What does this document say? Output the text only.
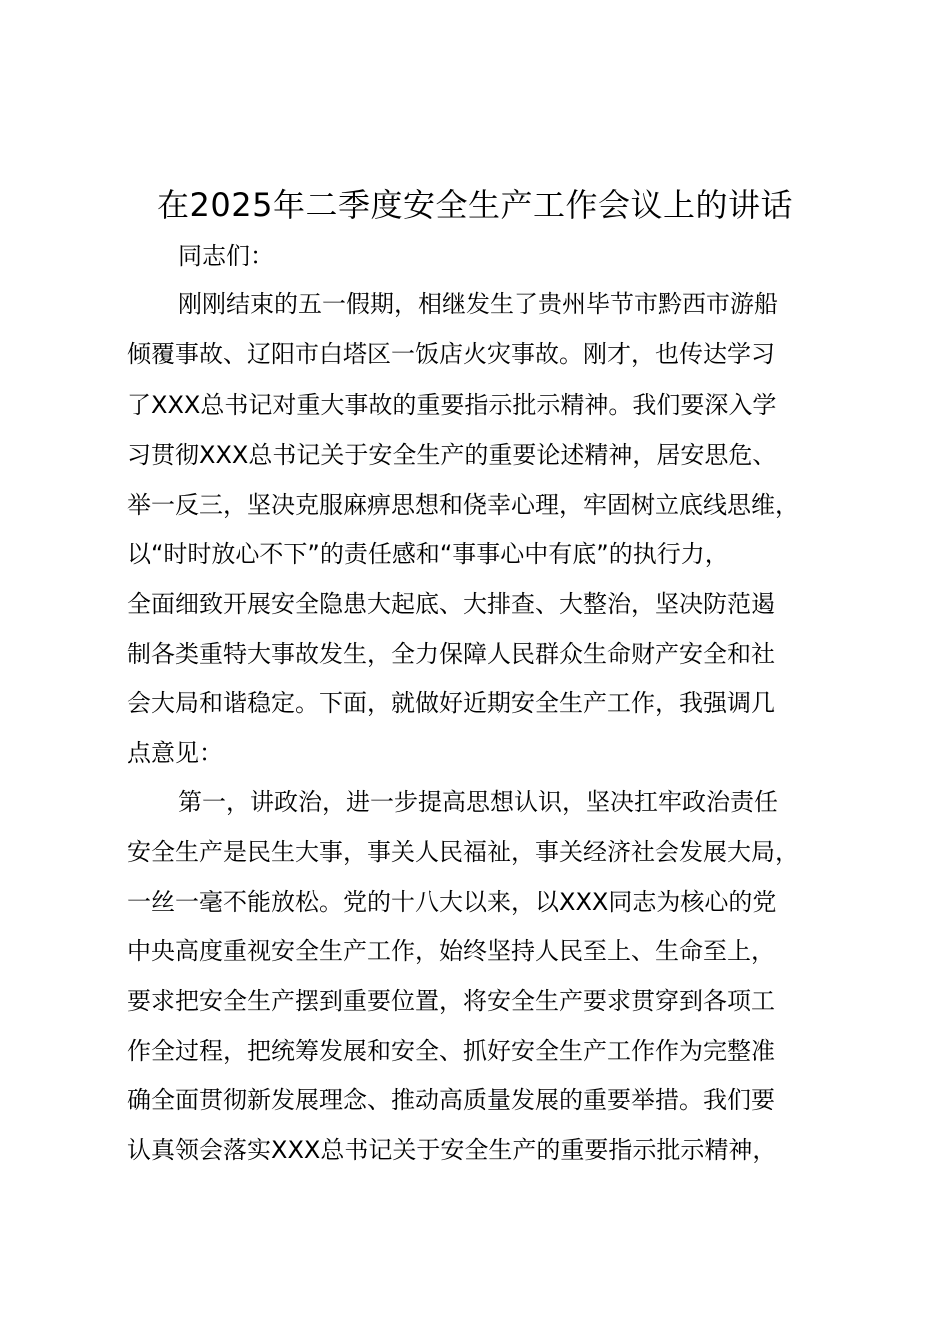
在2025年二季度安全生产工作会议上的讲话
同志们：
刚刚结束的五一假期，相继发生了贵州毕节市黔西市游船
倾覆事故、辽阳市白塔区一饭店火灾事故。刚才，也传达学习
了XXX总书记对重大事故的重要指示批示精神。我们要深入学
习贯彻XXX总书记关于安全生产的重要论述精神，居安思危、
举一反三，坚决克服麻痹思想和侥幸心理，牢固树立底线思维，
以“时时放心不下”的责任感和“事事心中有底”的执行力，
全面细致开展安全隐患大起底、大排查、大整治，坚决防范遏
制各类重特大事故发生，全力保障人民群众生命财产安全和社
会大局和谐稳定。下面，就做好近期安全生产工作，我强调几
点意见：
第一，讲政治，进一步提高思想认识，坚决扛牢政治责任
安全生产是民生大事，事关人民福祉，事关经济社会发展大局，
一丝一毫不能放松。党的十八大以来，以XXX同志为核心的党
中央高度重视安全生产工作，始终坚持人民至上、生命至上，
要求把安全生产摆到重要位置，将安全生产要求贯穿到各项工
作全过程，把统筹发展和安全、抓好安全生产工作作为完整准
确全面贯彻新发展理念、推动高质量发展的重要举措。我们要
认真领会落实XXX总书记关于安全生产的重要指示批示精神，
